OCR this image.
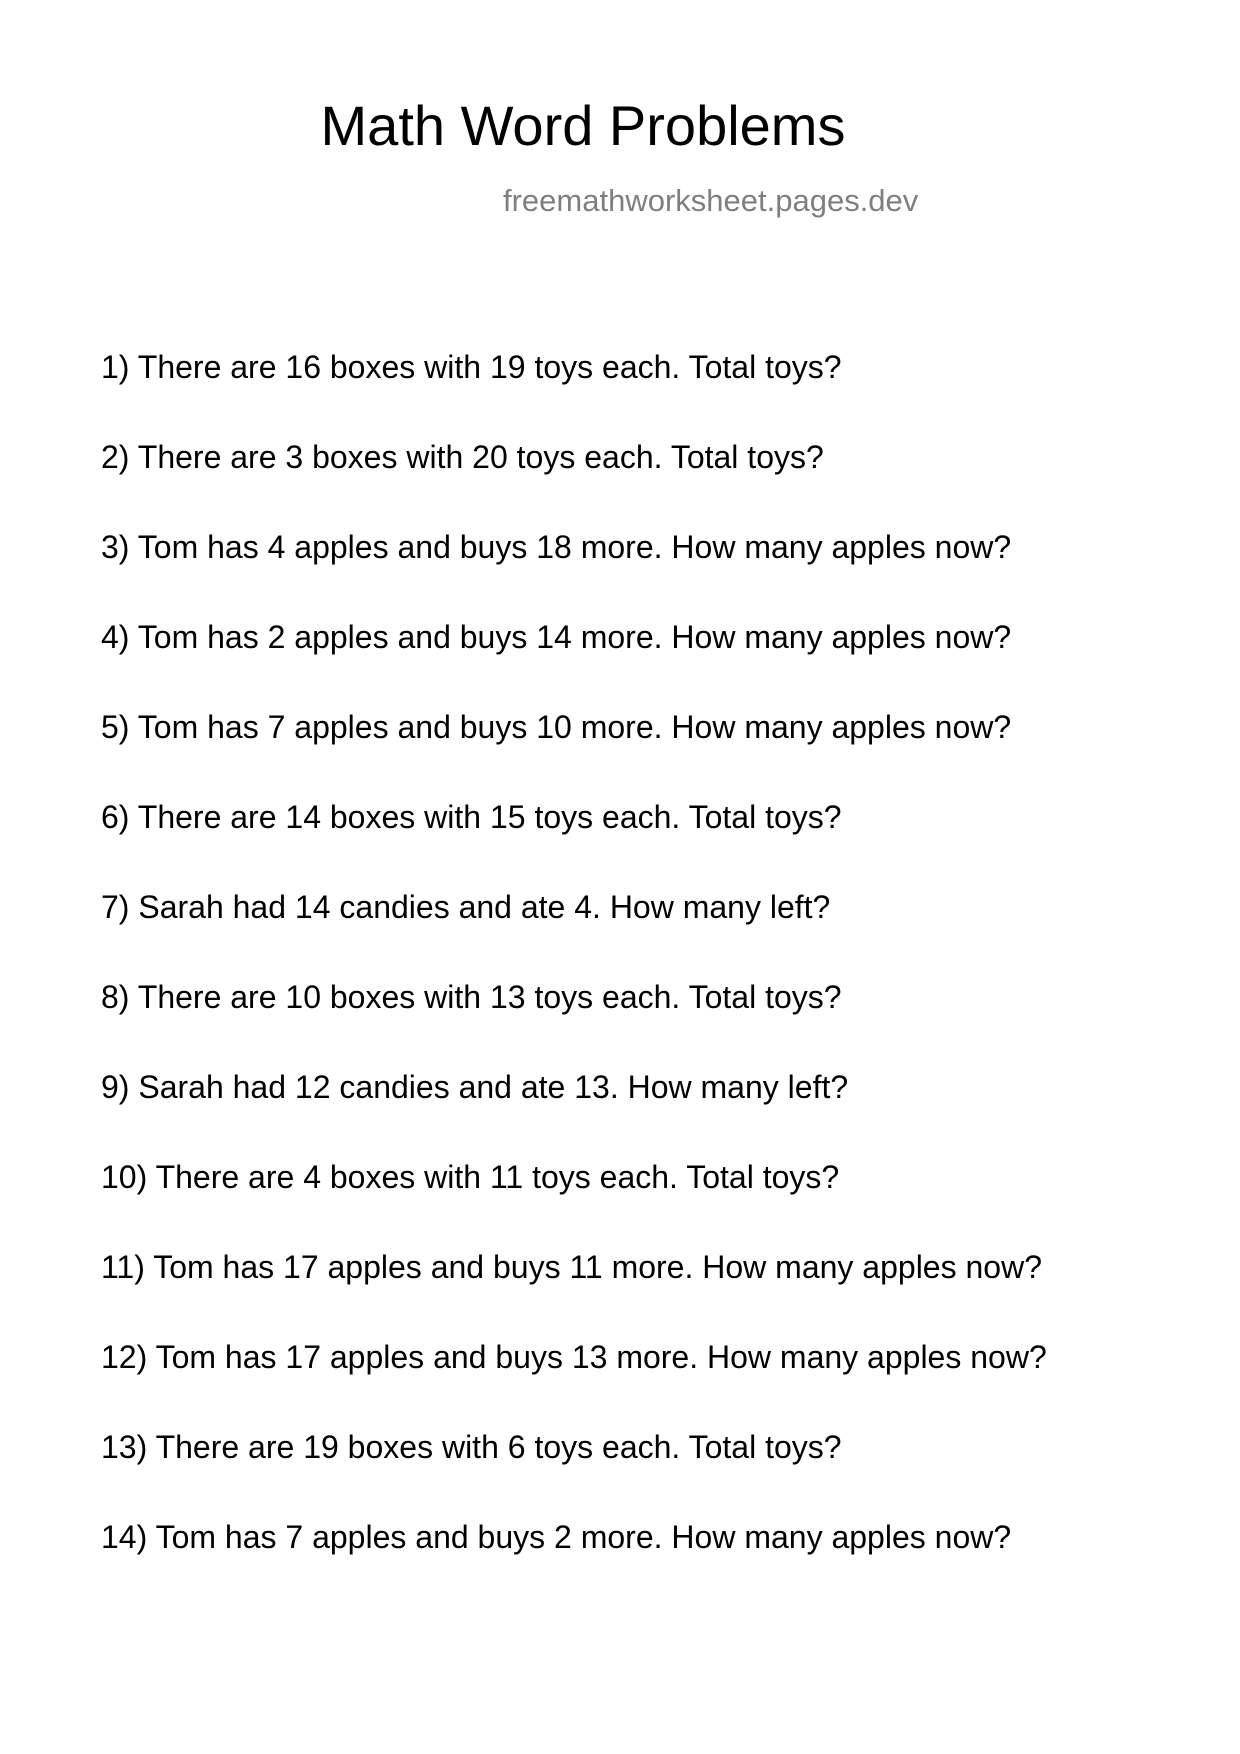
Math Word Problems
freemathworksheet.pages.dev
1) There are 16 boxes with 19 toys each. Total toys?
2) There are 3 boxes with 20 toys each. Total toys?
3) Tom has 4 apples and buys 18 more. How many apples now?
4) Tom has 2 apples and buys 14 more. How many apples now?
5) Tom has 7 apples and buys 10 more. How many apples now?
6) There are 14 boxes with 15 toys each. Total toys?
7) Sarah had 14 candies and ate 4. How many left?
8) There are 10 boxes with 13 toys each. Total toys?
9) Sarah had 12 candies and ate 13. How many left?
10) There are 4 boxes with 11 toys each. Total toys?
11) Tom has 17 apples and buys 11 more. How many apples now?
12) Tom has 17 apples and buys 13 more. How many apples now?
13) There are 19 boxes with 6 toys each. Total toys?
14) Tom has 7 apples and buys 2 more. How many apples now?
